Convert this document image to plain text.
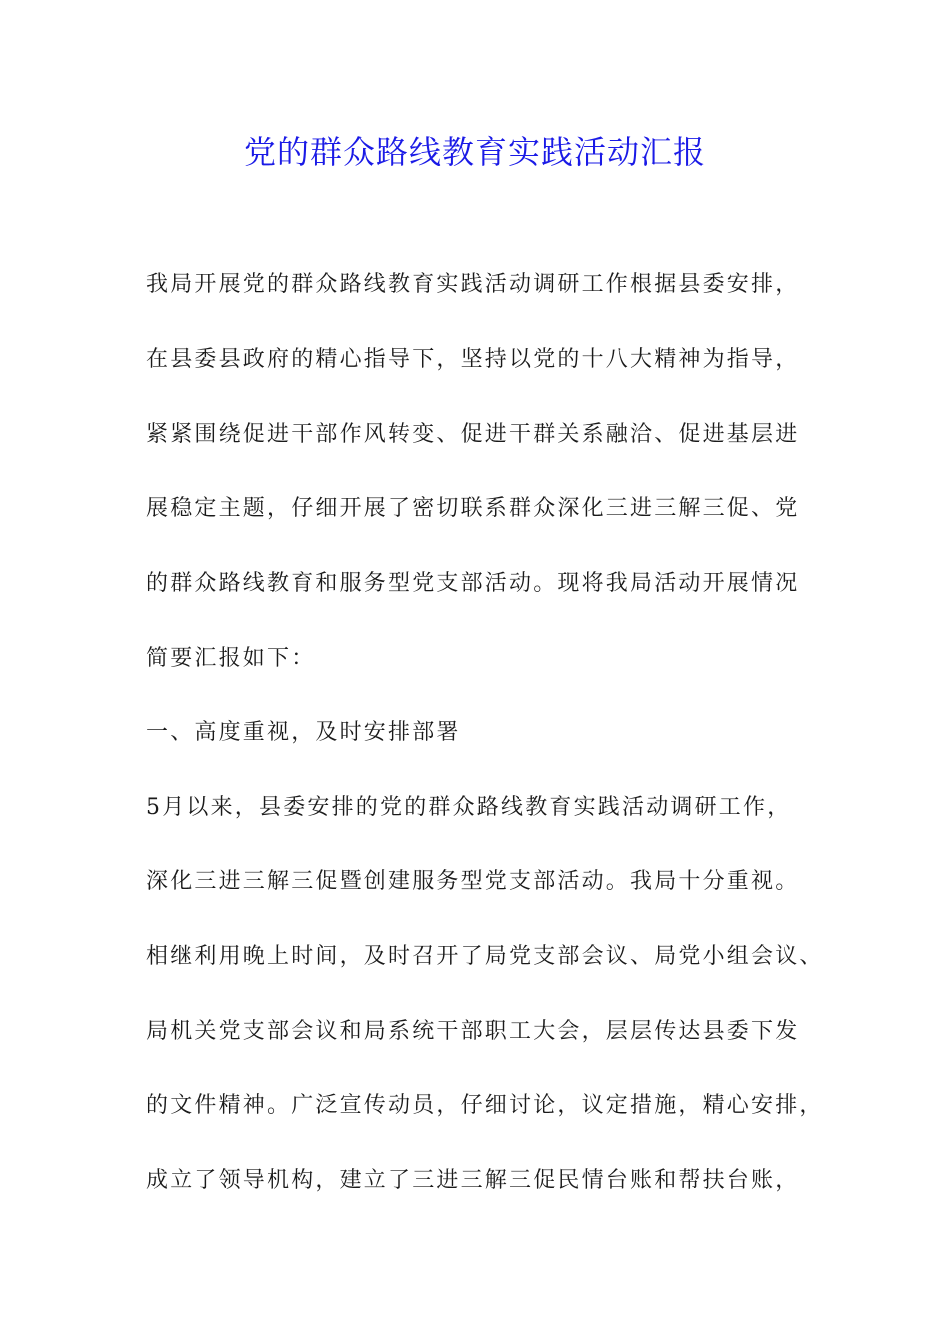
党的群众路线教育实践活动汇报
我局开展党的群众路线教育实践活动调研工作根据县委安排，
在县委县政府的精心指导下，坚持以党的十八大精神为指导，
紧紧围绕促进干部作风转变、促进干群关系融洽、促进基层进
展稳定主题，仔细开展了密切联系群众深化三进三解三促、党
的群众路线教育和服务型党支部活动。现将我局活动开展情况
简要汇报如下：
一、高度重视，及时安排部署
5月以来，县委安排的党的群众路线教育实践活动调研工作，
深化三进三解三促暨创建服务型党支部活动。我局十分重视。
相继利用晚上时间，及时召开了局党支部会议、局党小组会议、
局机关党支部会议和局系统干部职工大会，层层传达县委下发
的文件精神。广泛宣传动员，仔细讨论，议定措施，精心安排，
成立了领导机构，建立了三进三解三促民情台账和帮扶台账，
